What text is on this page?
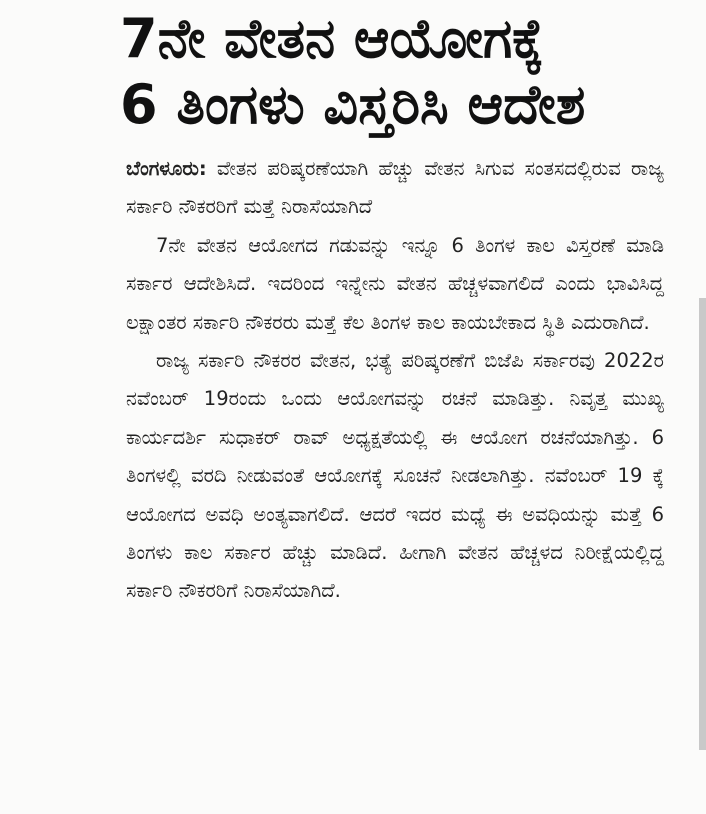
7ನೇ ವೇತನ ಆಯೋಗಕ್ಕೆ
6 ತಿಂಗಳು ವಿಸ್ತರಿಸಿ ಆದೇಶ

ಬೆಂಗಳೂರು: ವೇತನ ಪರಿಷ್ಕರಣೆಯಾಗಿ ಹೆಚ್ಚು ವೇತನ ಸಿಗುವ ಸಂತಸದಲ್ಲಿರುವ ರಾಜ್ಯ ಸರ್ಕಾರಿ ನೌಕರರಿಗೆ ಮತ್ತೆ ನಿರಾಸೆಯಾಗಿದೆ

7ನೇ ವೇತನ ಆಯೋಗದ ಗಡುವನ್ನು ಇನ್ನೂ 6 ತಿಂಗಳ ಕಾಲ ವಿಸ್ತರಣೆ ಮಾಡಿ ಸರ್ಕಾರ ಆದೇಶಿಸಿದೆ. ಇದರಿಂದ ಇನ್ನೇನು ವೇತನ ಹೆಚ್ಚಳವಾಗಲಿದೆ ಎಂದು ಭಾವಿಸಿದ್ದ ಲಕ್ಷಾಂತರ ಸರ್ಕಾರಿ ನೌಕರರು ಮತ್ತೆ ಕೆಲ ತಿಂಗಳ ಕಾಲ ಕಾಯಬೇಕಾದ ಸ್ಥಿತಿ ಎದುರಾಗಿದೆ.

ರಾಜ್ಯ ಸರ್ಕಾರಿ ನೌಕರರ ವೇತನ, ಭತ್ಯೆ ಪರಿಷ್ಕರಣೆಗೆ ಬಿಜೆಪಿ ಸರ್ಕಾರವು 2022ರ ನವೆಂಬರ್ 19ರಂದು ಒಂದು ಆಯೋಗವನ್ನು ರಚನೆ ಮಾಡಿತ್ತು. ನಿವೃತ್ತ ಮುಖ್ಯ ಕಾರ್ಯದರ್ಶಿ ಸುಧಾಕರ್ ರಾವ್ ಅಧ್ಯಕ್ಷತೆಯಲ್ಲಿ ಈ ಆಯೋಗ ರಚನೆಯಾಗಿತ್ತು. 6 ತಿಂಗಳಲ್ಲಿ ವರದಿ ನೀಡುವಂತೆ ಆಯೋಗಕ್ಕೆ ಸೂಚನೆ ನೀಡಲಾಗಿತ್ತು. ನವೆಂಬರ್ 19 ಕ್ಕೆ ಆಯೋಗದ ಅವಧಿ ಅಂತ್ಯವಾಗಲಿದೆ. ಆದರೆ ಇದರ ಮಧ್ಯೆ ಈ ಅವಧಿಯನ್ನು ಮತ್ತೆ 6 ತಿಂಗಳು ಕಾಲ ಸರ್ಕಾರ ಹೆಚ್ಚು ಮಾಡಿದೆ. ಹೀಗಾಗಿ ವೇತನ ಹೆಚ್ಚಳದ ನಿರೀಕ್ಷೆಯಲ್ಲಿದ್ದ ಸರ್ಕಾರಿ ನೌಕರರಿಗೆ ನಿರಾಸೆಯಾಗಿದೆ.
